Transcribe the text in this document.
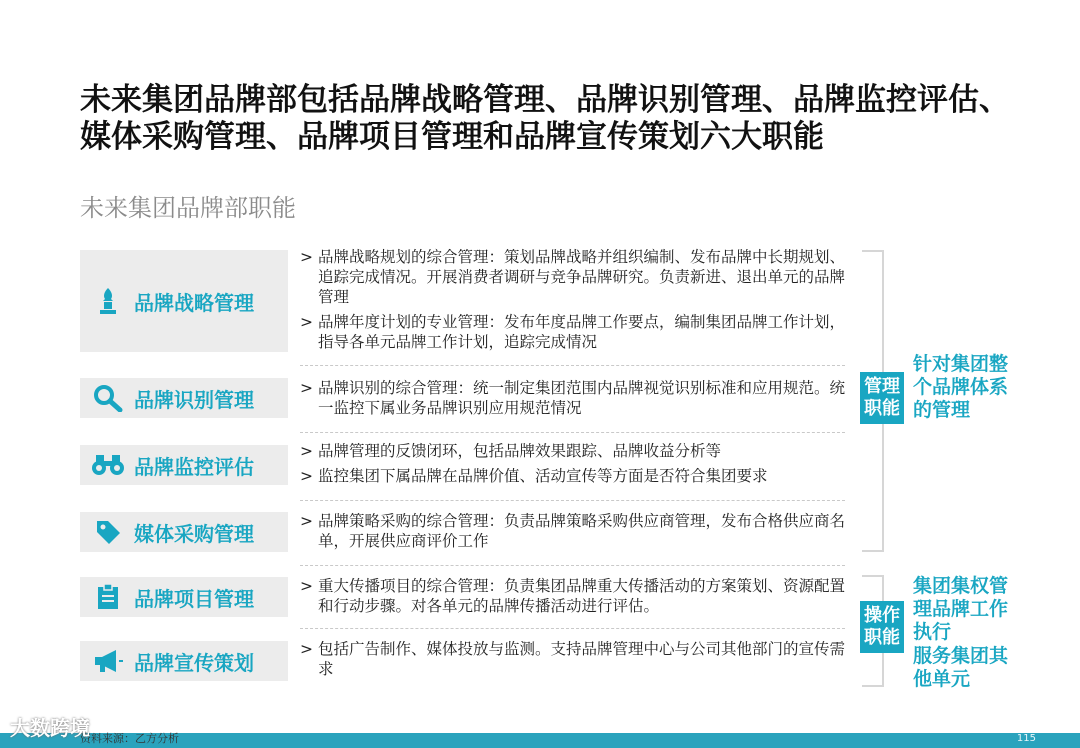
未来集团品牌部包括品牌战略管理、品牌识别管理、品牌监控评估、媒体采购管理、品牌项目管理和品牌宣传策划六大职能
未来集团品牌部职能
品牌战略管理
品牌识别管理
品牌监控评估
媒体采购管理
品牌项目管理
品牌宣传策划
> 品牌战略规划的综合管理：策划品牌战略并组织编制、发布品牌中长期规划、追踪完成情况。开展消费者调研与竞争品牌研究。负责新进、退出单元的品牌管理
> 品牌年度计划的专业管理：发布年度品牌工作要点，编制集团品牌工作计划，指导各单元品牌工作计划，追踪完成情况
> 品牌识别的综合管理：统一制定集团范围内品牌视觉识别标准和应用规范。统一监控下属业务品牌识别应用规范情况
> 品牌管理的反馈闭环，包括品牌效果跟踪、品牌收益分析等
> 监控集团下属品牌在品牌价值、活动宣传等方面是否符合集团要求
> 品牌策略采购的综合管理：负责品牌策略采购供应商管理，发布合格供应商名单，开展供应商评价工作
> 重大传播项目的综合管理：负责集团品牌重大传播活动的方案策划、资源配置和行动步骤。对各单元的品牌传播活动进行评估。
> 包括广告制作、媒体投放与监测。支持品牌管理中心与公司其他部门的宣传需求
管理
职能
针对集团整个品牌体系的管理
操作
职能
集团集权管理品牌工作执行
服务集团其他单元
资料来源：乙方分析
大数跨境	115
